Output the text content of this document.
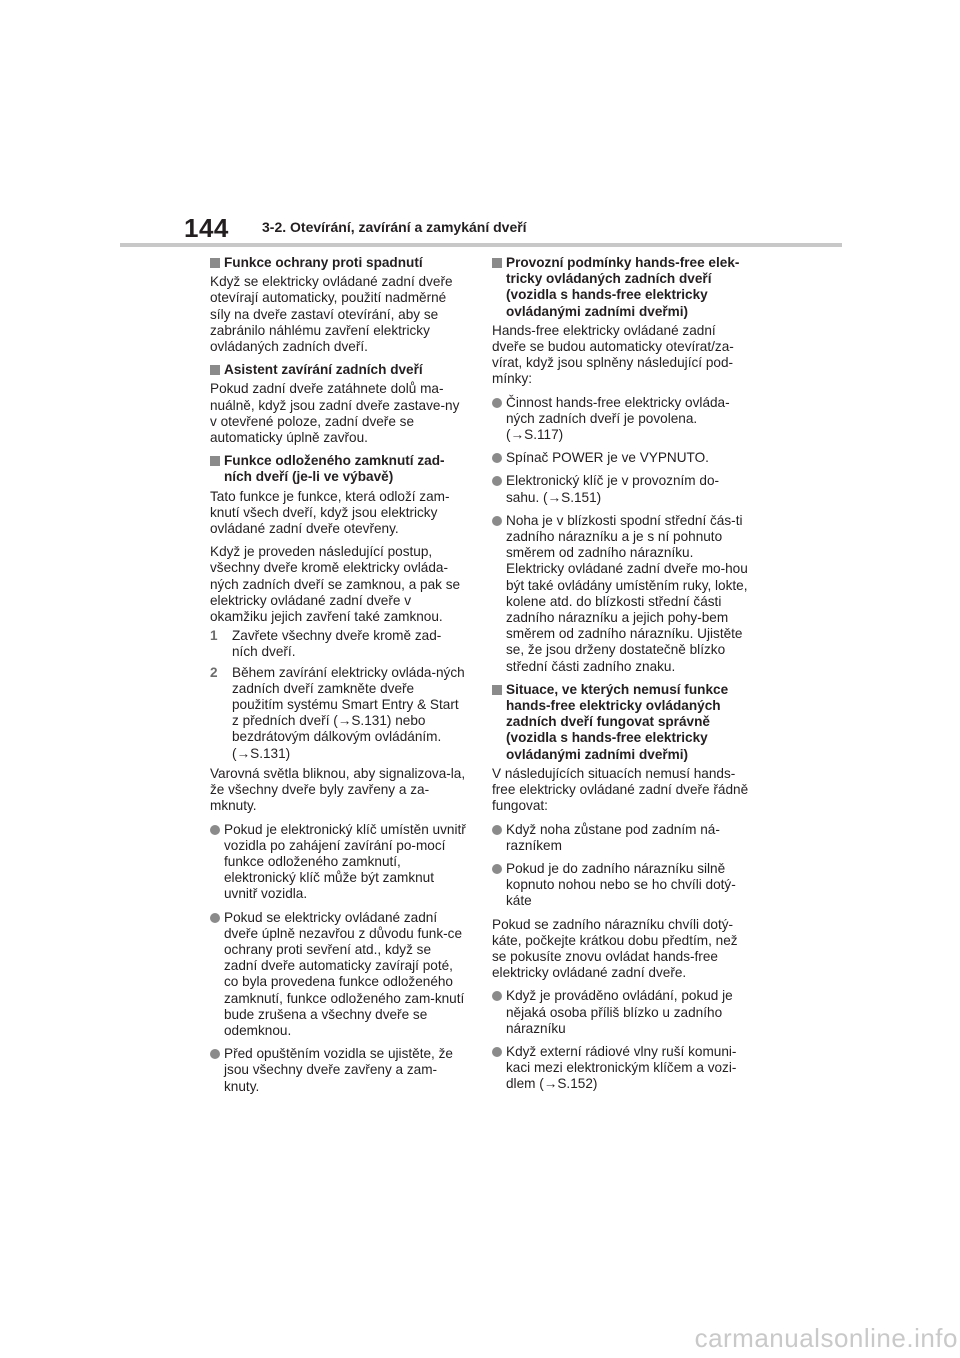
144 3-2. Otevírání, zavírání a zamykání dveří
Funkce ochrany proti spadnutí
Když se elektricky ovládané zadní dveře otevírají automaticky, použití nadměrné síly na dveře zastaví otevírání, aby se zabránilo náhlému zavření elektricky ovládaných zadních dveří.
Asistent zavírání zadních dveří
Pokud zadní dveře zatáhnete dolů ma-nuálně, když jsou zadní dveře zastave-ny v otevřené poloze, zadní dveře se automaticky úplně zavřou.
Funkce odloženého zamknutí zad-ních dveří (je-li ve výbavě)
Tato funkce je funkce, která odloží zam-knutí všech dveří, když jsou elektricky ovládané zadní dveře otevřeny.
Když je proveden následující postup, všechny dveře kromě elektricky ovláda-ných zadních dveří se zamknou, a pak se elektricky ovládané zadní dveře v okamžiku jejich zavření také zamknou.
1 Zavřete všechny dveře kromě zad-ních dveří.
2 Během zavírání elektricky ovláda-ných zadních dveří zamkněte dveře použitím systému Smart Entry & Start z předních dveří (→S.131) nebo bezdrátovým dálkovým ovládáním. (→S.131)
Varovná světla bliknou, aby signalizova-la, že všechny dveře byly zavřeny a za-mknuty.
Pokud je elektronický klíč umístěn uvnitř vozidla po zahájení zavírání po-mocí funkce odloženého zamknutí, elektronický klíč může být zamknut uvnitř vozidla.
Pokud se elektricky ovládané zadní dveře úplně nezavřou z důvodu funk-ce ochrany proti sevření atd., když se zadní dveře automaticky zavírají poté, co byla provedena funkce odloženého zamknutí, funkce odloženého zam-knutí bude zrušena a všechny dveře se odemknou.
Před opuštěním vozidla se ujistěte, že jsou všechny dveře zavřeny a zam-knuty.
Provozní podmínky hands-free elek-tricky ovládaných zadních dveří (vozidla s hands-free elektricky ovládanými zadními dveřmi)
Hands-free elektricky ovládané zadní dveře se budou automaticky otevírat/za-vírat, když jsou splněny následující pod-mínky:
Činnost hands-free elektricky ovláda-ných zadních dveří je povolena. (→S.117)
Spínač POWER je ve VYPNUTO.
Elektronický klíč je v provozním do-sahu. (→S.151)
Noha je v blízkosti spodní střední čás-ti zadního nárazníku a je s ní pohnuto směrem od zadního nárazníku. Elektricky ovládané zadní dveře mo-hou být také ovládány umístěním ruky, lokte, kolene atd. do blízkosti střední části zadního nárazníku a jejich pohy-bem směrem od zadního nárazníku. Ujistěte se, že jsou drženy dostatečně blízko střední části zadního znaku.
Situace, ve kterých nemusí funkce hands-free elektricky ovládaných zadních dveří fungovat správně (vozidla s hands-free elektricky ovládanými zadními dveřmi)
V následujících situacích nemusí hands-free elektricky ovládané zadní dveře řádně fungovat:
Když noha zůstane pod zadním ná-razníkem
Pokud je do zadního nárazníku silně kopnuto nohou nebo se ho chvíli dotý-káte
Pokud se zadního nárazníku chvíli dotý-káte, počkejte krátkou dobu předtím, než se pokusíte znovu ovládat hands-free elektricky ovládané zadní dveře.
Když je prováděno ovládání, pokud je nějaká osoba příliš blízko u zadního nárazníku
Když externí rádiové vlny ruší komuni-kaci mezi elektronickým klíčem a vozi-dlem (→S.152)
carmanualsonline.info
